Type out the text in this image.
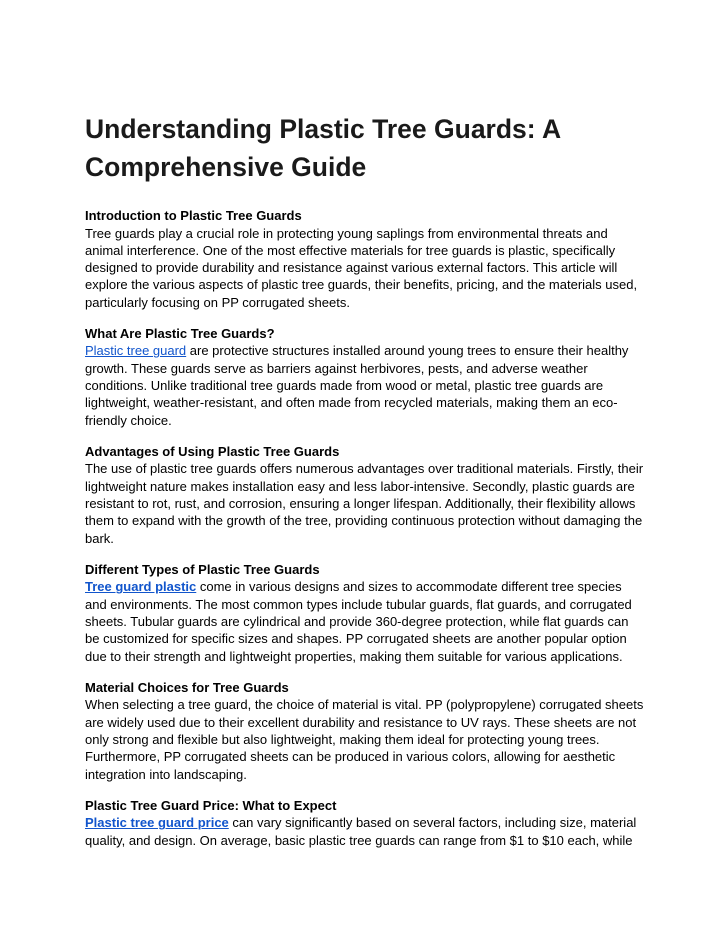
Understanding Plastic Tree Guards: A
Comprehensive Guide

Introduction to Plastic Tree Guards

Tree guards play a crucial role in protecting young saplings from environmental threats and animal interference. One of the most effective materials for tree guards is plastic, specifically designed to provide durability and resistance against various external factors. This article will explore the various aspects of plastic tree guards, their benefits, pricing, and the materials used, particularly focusing on PP corrugated sheets.

What Are Plastic Tree Guards?

Plastic tree guard are protective structures installed around young trees to ensure their healthy growth. These guards serve as barriers against herbivores, pests, and adverse weather conditions. Unlike traditional tree guards made from wood or metal, plastic tree guards are lightweight, weather-resistant, and often made from recycled materials, making them an eco-friendly choice.

Advantages of Using Plastic Tree Guards

The use of plastic tree guards offers numerous advantages over traditional materials. Firstly, their lightweight nature makes installation easy and less labor-intensive. Secondly, plastic guards are resistant to rot, rust, and corrosion, ensuring a longer lifespan. Additionally, their flexibility allows them to expand with the growth of the tree, providing continuous protection without damaging the bark.

Different Types of Plastic Tree Guards

Tree guard plastic come in various designs and sizes to accommodate different tree species and environments. The most common types include tubular guards, flat guards, and corrugated sheets. Tubular guards are cylindrical and provide 360-degree protection, while flat guards can be customized for specific sizes and shapes. PP corrugated sheets are another popular option due to their strength and lightweight properties, making them suitable for various applications.

Material Choices for Tree Guards

When selecting a tree guard, the choice of material is vital. PP (polypropylene) corrugated sheets are widely used due to their excellent durability and resistance to UV rays. These sheets are not only strong and flexible but also lightweight, making them ideal for protecting young trees. Furthermore, PP corrugated sheets can be produced in various colors, allowing for aesthetic integration into landscaping.

Plastic Tree Guard Price: What to Expect

Plastic tree guard price can vary significantly based on several factors, including size, material quality, and design. On average, basic plastic tree guards can range from $1 to $10 each, while
